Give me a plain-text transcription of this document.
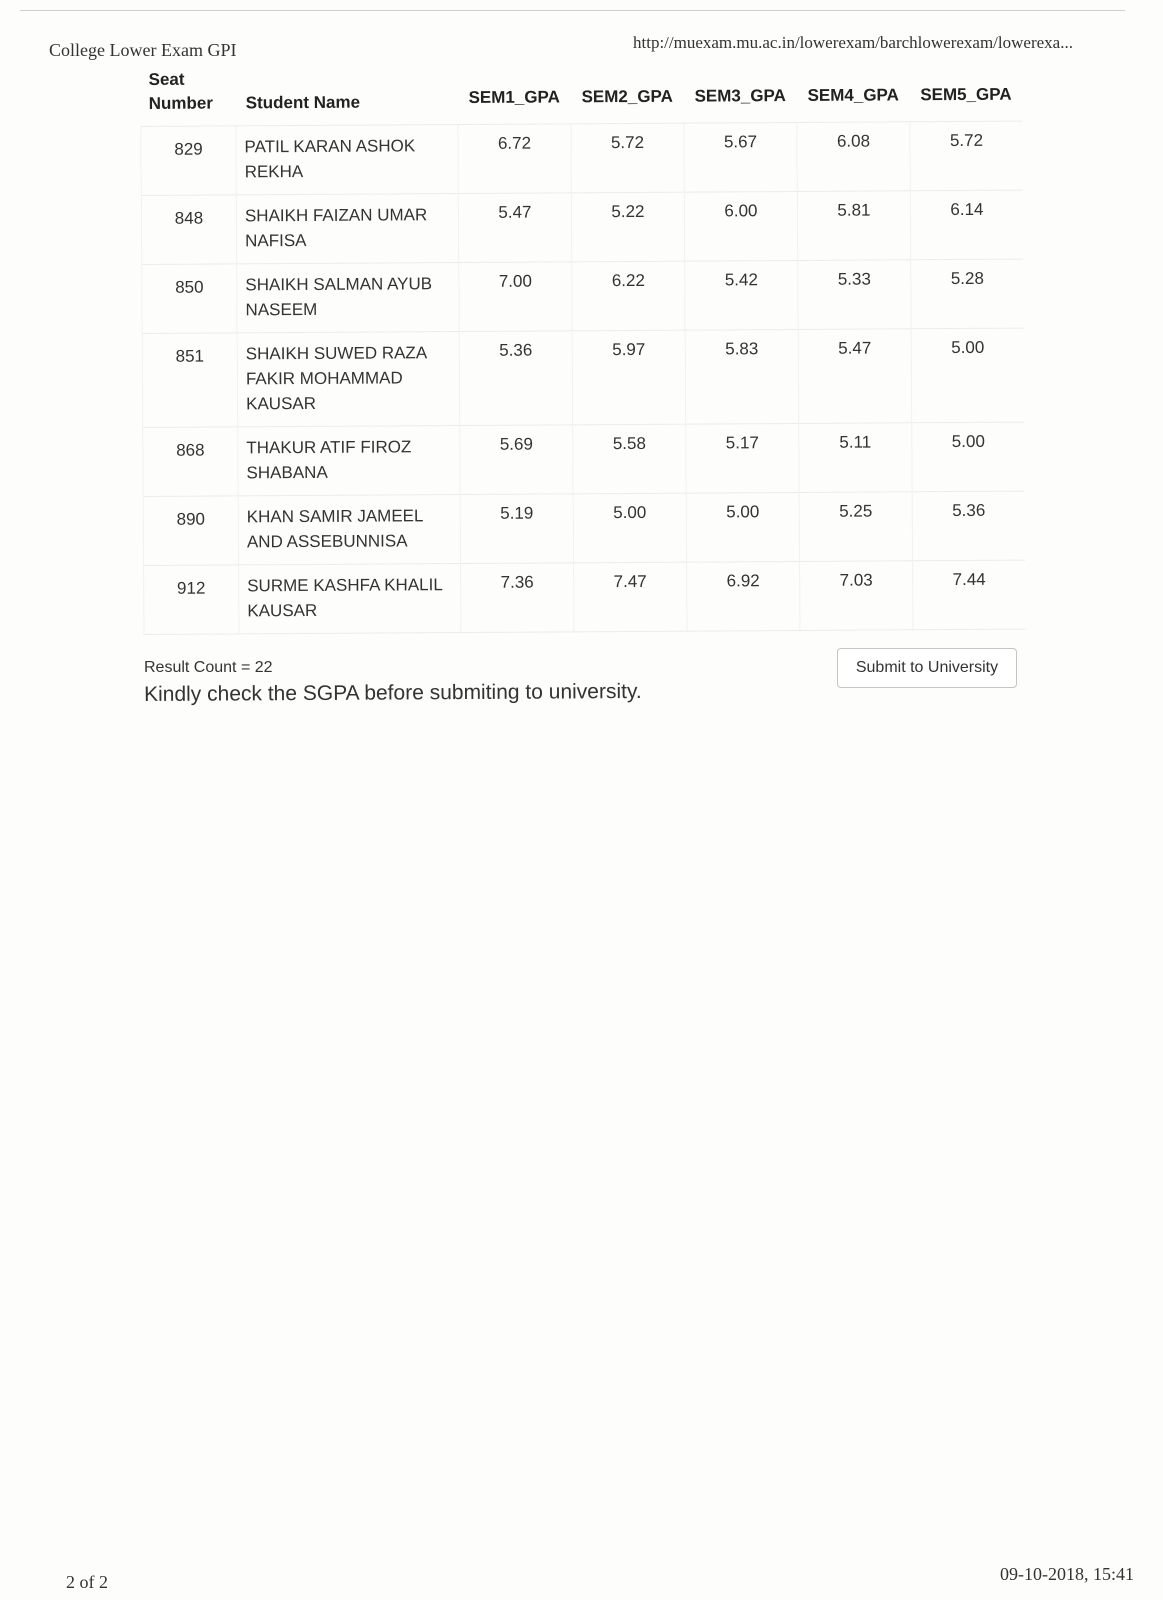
College Lower Exam GPI	http://muexam.mu.ac.in/lowerexam/barchlowerexam/lowerexa...
Seat Number	Student Name	SEM1_GPA	SEM2_GPA	SEM3_GPA	SEM4_GPA	SEM5_GPA
829	PATIL KARAN ASHOK REKHA	6.72	5.72	5.67	6.08	5.72
848	SHAIKH FAIZAN UMAR NAFISA	5.47	5.22	6.00	5.81	6.14
850	SHAIKH SALMAN AYUB NASEEM	7.00	6.22	5.42	5.33	5.28
851	SHAIKH SUWED RAZA FAKIR MOHAMMAD KAUSAR	5.36	5.97	5.83	5.47	5.00
868	THAKUR ATIF FIROZ SHABANA	5.69	5.58	5.17	5.11	5.00
890	KHAN SAMIR JAMEEL AND ASSEBUNNISA	5.19	5.00	5.00	5.25	5.36
912	SURME KASHFA KHALIL KAUSAR	7.36	7.47	6.92	7.03	7.44
Result Count = 22
Kindly check the SGPA before submiting to university.
Submit to University
2 of 2	09-10-2018, 15:41
